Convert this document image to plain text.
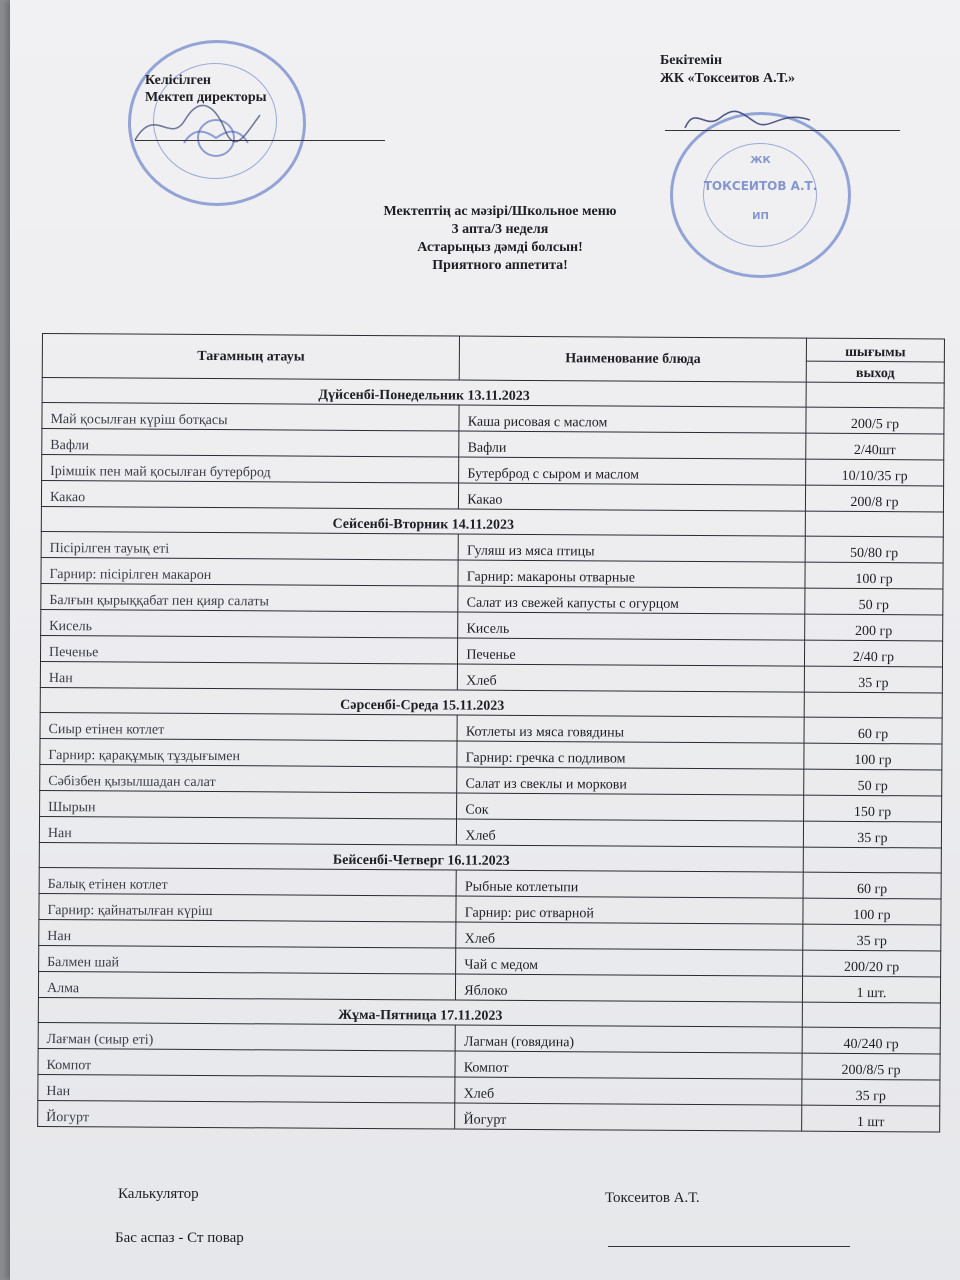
ЖК
ТОКСЕИТОВ А.Т.
ИП
Келісілген
Мектеп директоры
Бекітемін
ЖК «Токсеитов А.Т.»
Мектептің ас мәзірі/Школьное меню
3 апта/3 неделя
Астарыңыз дәмді болсын!
Приятного аппетита!
Тағамның атауы	Наименование блюда	шығымы
		выход
Дүйсенбі-Понедельник 13.11.2023		
Май қосылған күріш ботқасы	Каша рисовая с маслом	200/5 гр
Вафли	Вафли	2/40шт
Ірімшік пен май қосылған бутерброд	Бутерброд с сыром и маслом	10/10/35 гр
Какао	Какао	200/8 гр
Сейсенбі-Вторник 14.11.2023		
Пісірілген тауық еті	Гуляш из мяса птицы	50/80 гр
Гарнир: пісірілген макарон	Гарнир: макароны отварные	100 гр
Балғын қырыққабат пен қияр салаты	Салат из свежей капусты с огурцом	50 гр
Кисель	Кисель	200 гр
Печенье	Печенье	2/40 гр
Нан	Хлеб	35 гр
Сәрсенбі-Среда 15.11.2023		
Сиыр етінен котлет	Котлеты из мяса говядины	60 гр
Гарнир: қарақұмық тұздығымен	Гарнир: гречка с подливом	100 гр
Сәбізбен қызылшадан салат	Салат из свеклы и моркови	50 гр
Шырын	Сок	150 гр
Нан	Хлеб	35 гр
Бейсенбі-Четверг 16.11.2023		
Балық етінен котлет	Рыбные котлетыпи	60 гр
Гарнир: қайнатылған күріш	Гарнир: рис отварной	100 гр
Нан	Хлеб	35 гр
Балмен шай	Чай с медом	200/20 гр
Алма	Яблоко	1 шт.
Жұма-Пятница 17.11.2023		
Лағман (сиыр еті)	Лагман (говядина)	40/240 гр
Компот	Компот	200/8/5 гр
Нан	Хлеб	35 гр
Йогурт	Йогурт	1 шт
Калькулятор
Бас аспаз - Ст повар
Токсеитов А.Т.
